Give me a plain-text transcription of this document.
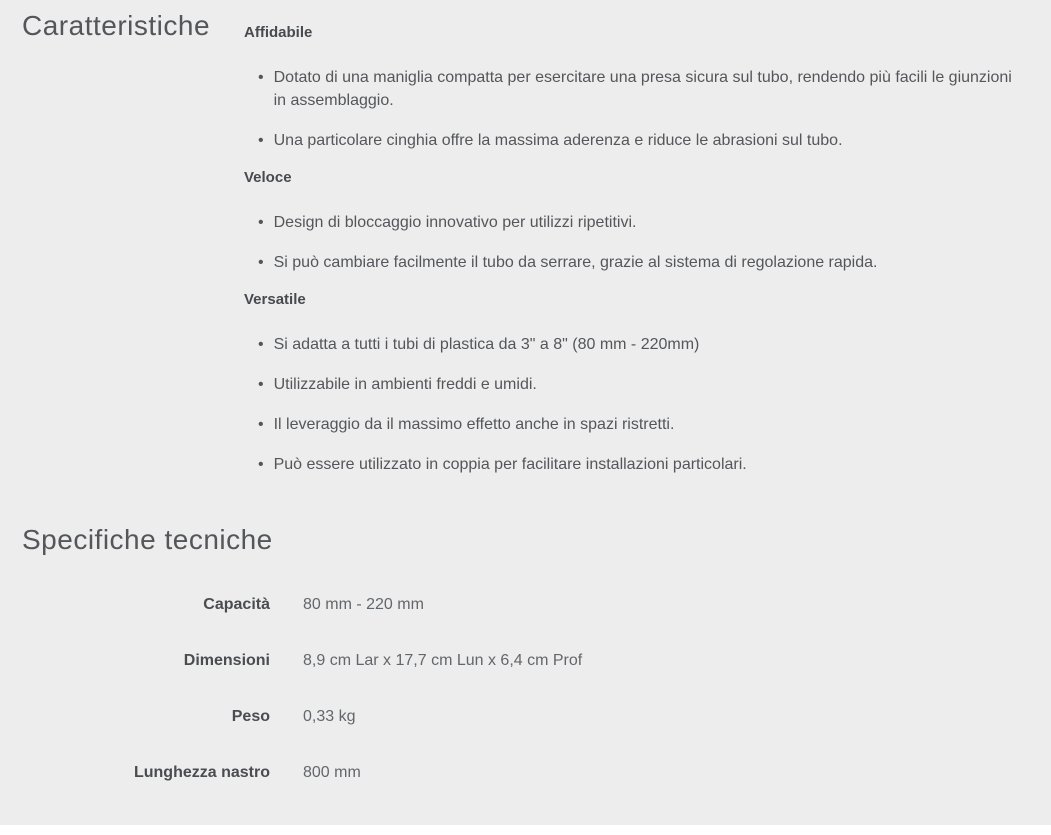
Caratteristiche	Affidabile
• Dotato di una maniglia compatta per esercitare una presa sicura sul tubo, rendendo più facili le giunzioni in assemblaggio.
• Una particolare cinghia offre la massima aderenza e riduce le abrasioni sul tubo.
Veloce
• Design di bloccaggio innovativo per utilizzi ripetitivi.
• Si può cambiare facilmente il tubo da serrare, grazie al sistema di regolazione rapida.
Versatile
• Si adatta a tutti i tubi di plastica da 3" a 8" (80 mm - 220mm)
• Utilizzabile in ambienti freddi e umidi.
• Il leveraggio da il massimo effetto anche in spazi ristretti.
• Può essere utilizzato in coppia per facilitare installazioni particolari.
Specifiche tecniche
Capacità 80 mm - 220 mm
Dimensioni 8,9 cm Lar x 17,7 cm Lun x 6,4 cm Prof
Peso 0,33 kg
Lunghezza nastro 800 mm
